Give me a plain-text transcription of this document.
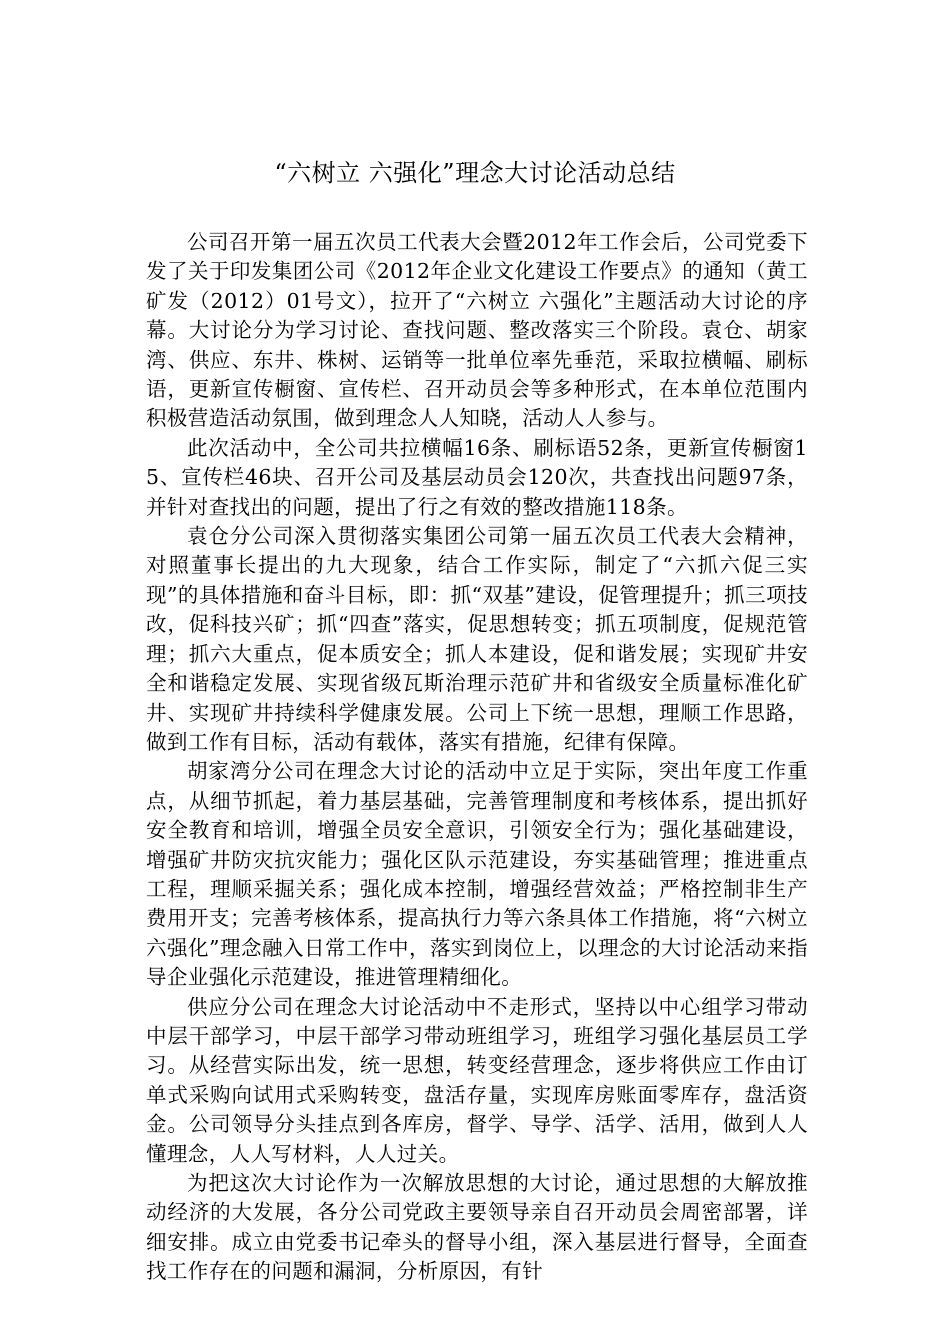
“六树立 六强化”理念大讨论活动总结

公司召开第一届五次员工代表大会暨2012年工作会后，公司党委下发了关于印发集团公司《2012年企业文化建设工作要点》的通知（黄工矿发（2012）01号文），拉开了“六树立 六强化”主题活动大讨论的序幕。大讨论分为学习讨论、查找问题、整改落实三个阶段。袁仓、胡家湾、供应、东井、株树、运销等一批单位率先垂范，采取拉横幅、刷标语，更新宣传橱窗、宣传栏、召开动员会等多种形式，在本单位范围内积极营造活动氛围，做到理念人人知晓，活动人人参与。

此次活动中，全公司共拉横幅16条、刷标语52条，更新宣传橱窗15、宣传栏46块、召开公司及基层动员会120次，共查找出问题97条，并针对查找出的问题，提出了行之有效的整改措施118条。

袁仓分公司深入贯彻落实集团公司第一届五次员工代表大会精神，对照董事长提出的九大现象，结合工作实际，制定了“六抓六促三实现”的具体措施和奋斗目标，即：抓“双基”建设，促管理提升；抓三项技改，促科技兴矿；抓“四查”落实，促思想转变；抓五项制度，促规范管理；抓六大重点，促本质安全；抓人本建设，促和谐发展；实现矿井安全和谐稳定发展、实现省级瓦斯治理示范矿井和省级安全质量标准化矿井、实现矿井持续科学健康发展。公司上下统一思想，理顺工作思路，做到工作有目标，活动有载体，落实有措施，纪律有保障。

胡家湾分公司在理念大讨论的活动中立足于实际，突出年度工作重点，从细节抓起，着力基层基础，完善管理制度和考核体系，提出抓好安全教育和培训，增强全员安全意识，引领安全行为；强化基础建设，增强矿井防灾抗灾能力；强化区队示范建设，夯实基础管理；推进重点工程，理顺采掘关系；强化成本控制，增强经营效益；严格控制非生产费用开支；完善考核体系，提高执行力等六条具体工作措施，将“六树立 六强化”理念融入日常工作中，落实到岗位上，以理念的大讨论活动来指导企业强化示范建设，推进管理精细化。

供应分公司在理念大讨论活动中不走形式，坚持以中心组学习带动中层干部学习，中层干部学习带动班组学习，班组学习强化基层员工学习。从经营实际出发，统一思想，转变经营理念，逐步将供应工作由订单式采购向试用式采购转变，盘活存量，实现库房账面零库存，盘活资金。公司领导分头挂点到各库房，督学、导学、活学、活用，做到人人懂理念，人人写材料，人人过关。

为把这次大讨论作为一次解放思想的大讨论，通过思想的大解放推动经济的大发展，各分公司党政主要领导亲自召开动员会周密部署，详细安排。成立由党委书记牵头的督导小组，深入基层进行督导，全面查找工作存在的问题和漏洞，分析原因，有针
